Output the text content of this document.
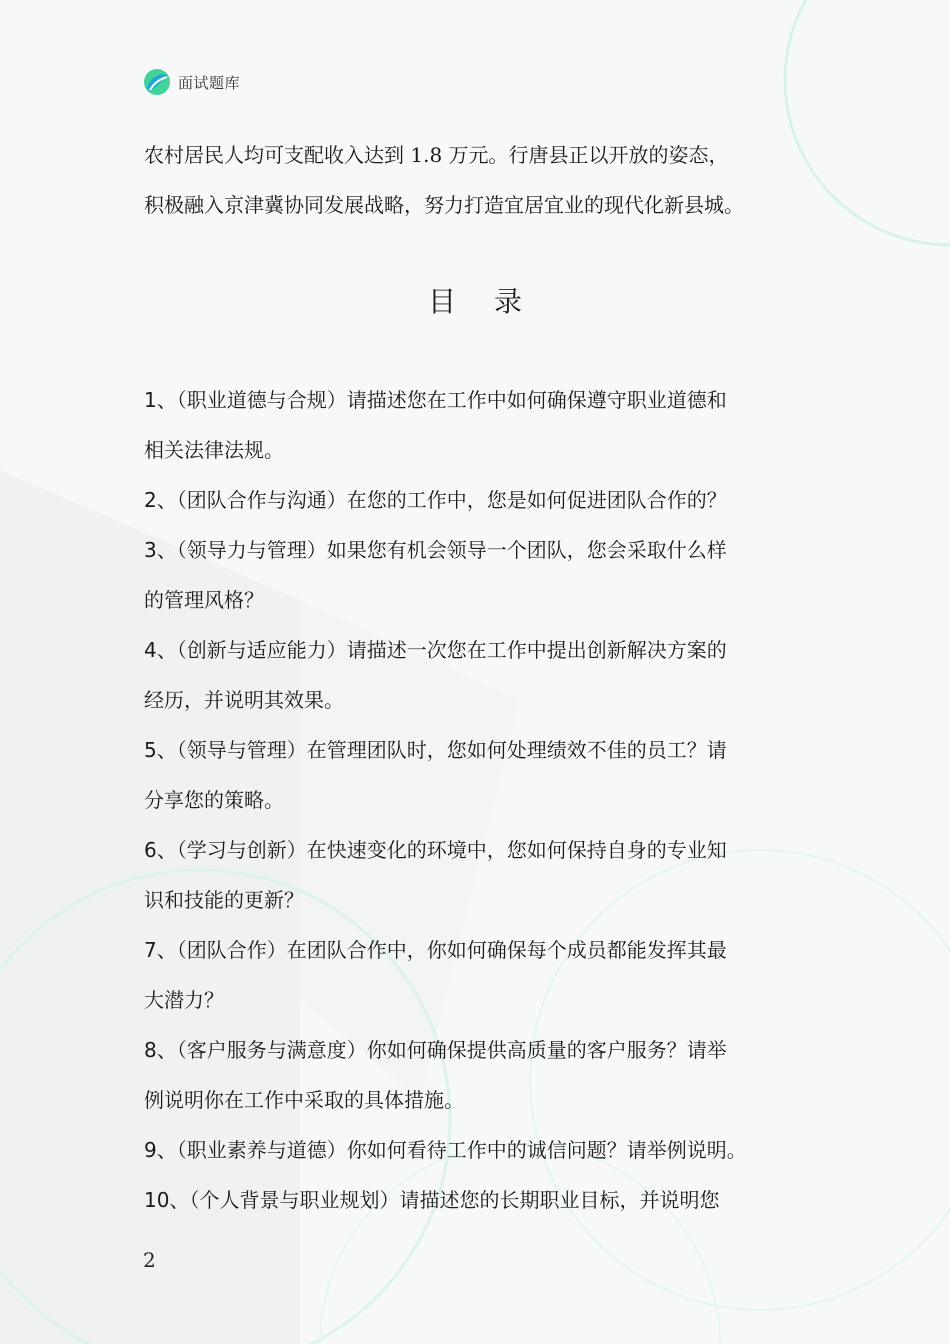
面试题库

农村居民人均可支配收入达到 1.8 万元。行唐县正以开放的姿态，

积极融入京津冀协同发展战略，努力打造宜居宜业的现代化新县城。

目录
1、（职业道德与合规）请描述您在工作中如何确保遵守职业道德和
相关法律法规。
2、（团队合作与沟通）在您的工作中，您是如何促进团队合作的？
3、（领导力与管理）如果您有机会领导一个团队，您会采取什么样
的管理风格？
4、（创新与适应能力）请描述一次您在工作中提出创新解决方案的
经历，并说明其效果。
5、（领导与管理）在管理团队时，您如何处理绩效不佳的员工？请
分享您的策略。
6、（学习与创新）在快速变化的环境中，您如何保持自身的专业知
识和技能的更新？
7、（团队合作）在团队合作中，你如何确保每个成员都能发挥其最
大潜力？
8、（客户服务与满意度）你如何确保提供高质量的客户服务？请举
例说明你在工作中采取的具体措施。
9、（职业素养与道德）你如何看待工作中的诚信问题？请举例说明。
10、（个人背景与职业规划）请描述您的长期职业目标，并说明您
2
